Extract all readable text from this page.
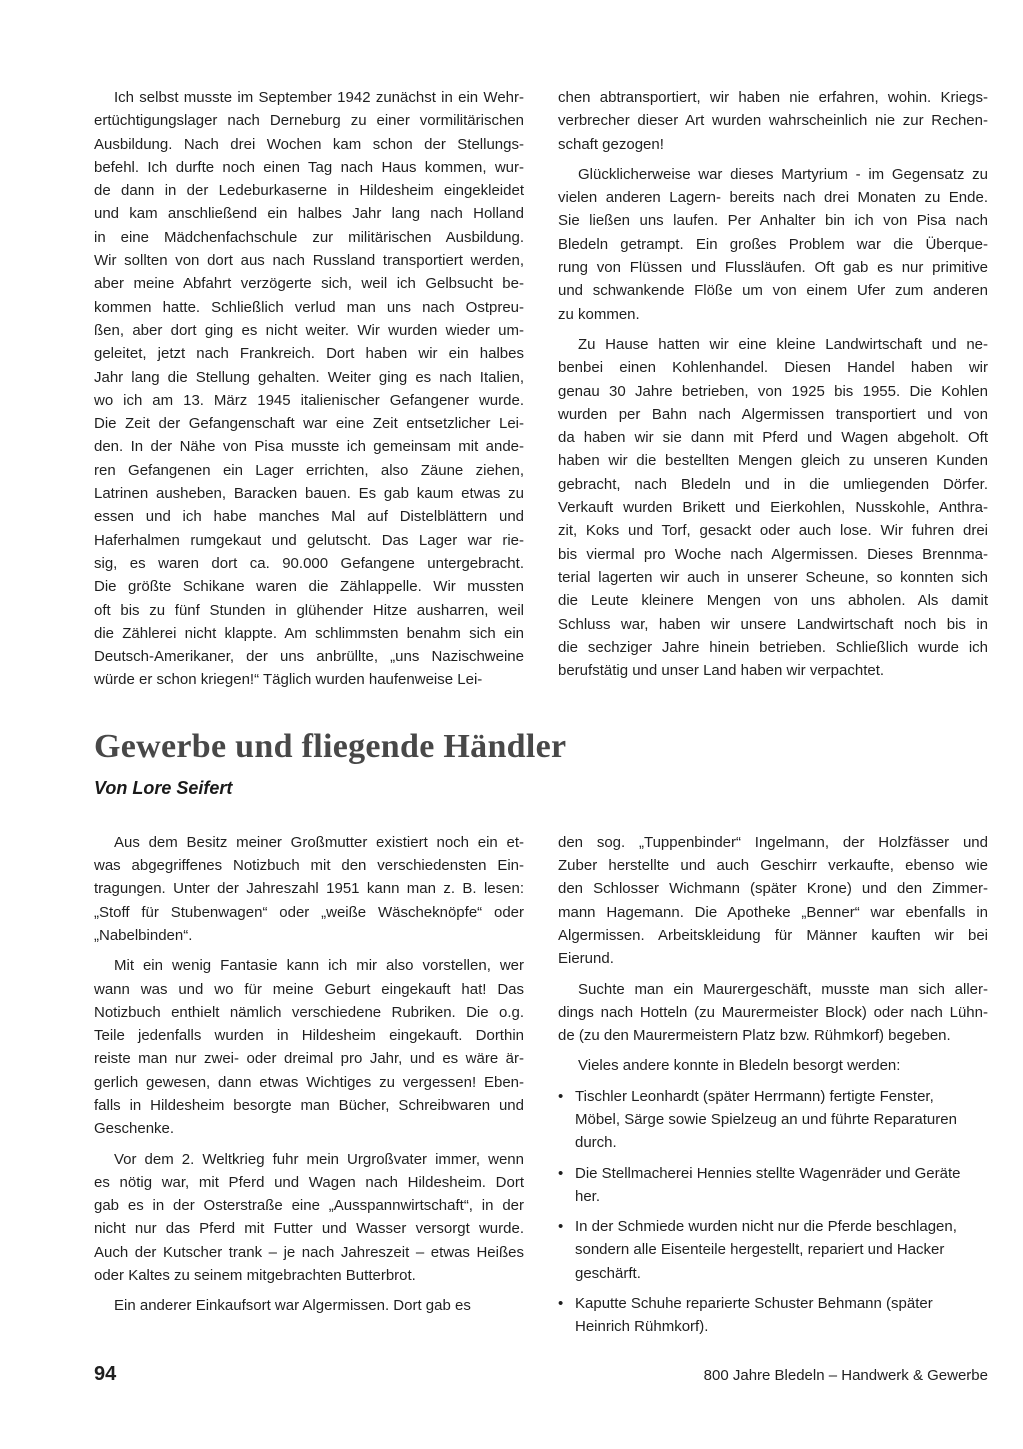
Ich selbst musste im September 1942 zunächst in ein Wehr-
ertüchtigungslager nach Derneburg zu einer vormilitärischen
Ausbildung. Nach drei Wochen kam schon der Stellungs-
befehl. Ich durfte noch einen Tag nach Haus kommen, wur-
de dann in der Ledeburkaserne in Hildesheim eingekleidet
und kam anschließend ein halbes Jahr lang nach Holland
in eine Mädchenfachschule zur militärischen Ausbildung.
Wir sollten von dort aus nach Russland transportiert werden,
aber meine Abfahrt verzögerte sich, weil ich Gelbsucht be-
kommen hatte. Schließlich verlud man uns nach Ostpreu-
ßen, aber dort ging es nicht weiter. Wir wurden wieder um-
geleitet, jetzt nach Frankreich. Dort haben wir ein halbes
Jahr lang die Stellung gehalten. Weiter ging es nach Italien,
wo ich am 13. März 1945 italienischer Gefangener wurde.
Die Zeit der Gefangenschaft war eine Zeit entsetzlicher Lei-
den. In der Nähe von Pisa musste ich gemeinsam mit ande-
ren Gefangenen ein Lager errichten, also Zäune ziehen,
Latrinen ausheben, Baracken bauen. Es gab kaum etwas zu
essen und ich habe manches Mal auf Distelblättern und
Haferhalmen rumgekaut und gelutscht. Das Lager war rie-
sig, es waren dort ca. 90.000 Gefangene untergebracht.
Die größte Schikane waren die Zählappelle. Wir mussten
oft bis zu fünf Stunden in glühender Hitze ausharren, weil
die Zählerei nicht klappte. Am schlimmsten benahm sich ein
Deutsch-Amerikaner, der uns anbrüllte, „uns Nazischweine
würde er schon kriegen!“ Täglich wurden haufenweise Lei-
chen abtransportiert, wir haben nie erfahren, wohin. Kriegs-
verbrecher dieser Art wurden wahrscheinlich nie zur Rechen-
schaft gezogen!
Glücklicherweise war dieses Martyrium - im Gegensatz zu
vielen anderen Lagern- bereits nach drei Monaten zu Ende.
Sie ließen uns laufen. Per Anhalter bin ich von Pisa nach
Bledeln getrampt. Ein großes Problem war die Überque-
rung von Flüssen und Flussläufen. Oft gab es nur primitive
und schwankende Flöße um von einem Ufer zum anderen
zu kommen.
Zu Hause hatten wir eine kleine Landwirtschaft und ne-
benbei einen Kohlenhandel. Diesen Handel haben wir
genau 30 Jahre betrieben, von 1925 bis 1955. Die Kohlen
wurden per Bahn nach Algermissen transportiert und von
da haben wir sie dann mit Pferd und Wagen abgeholt. Oft
haben wir die bestellten Mengen gleich zu unseren Kunden
gebracht, nach Bledeln und in die umliegenden Dörfer.
Verkauft wurden Brikett und Eierkohlen, Nusskohle, Anthra-
zit, Koks und Torf, gesackt oder auch lose. Wir fuhren drei
bis viermal pro Woche nach Algermissen. Dieses Brennma-
terial lagerten wir auch in unserer Scheune, so konnten sich
die Leute kleinere Mengen von uns abholen. Als damit
Schluss war, haben wir unsere Landwirtschaft noch bis in
die sechziger Jahre hinein betrieben. Schließlich wurde ich
berufstätig und unser Land haben wir verpachtet.
Gewerbe und fliegende Händler
Von Lore Seifert
Aus dem Besitz meiner Großmutter existiert noch ein et-
was abgegriffenes Notizbuch mit den verschiedensten Ein-
tragungen. Unter der Jahreszahl 1951 kann man z. B. lesen:
„Stoff für Stubenwagen“ oder „weiße Wäscheknöpfe“ oder
„Nabelbinden“.
Mit ein wenig Fantasie kann ich mir also vorstellen, wer
wann was und wo für meine Geburt eingekauft hat! Das
Notizbuch enthielt nämlich verschiedene Rubriken. Die o.g.
Teile jedenfalls wurden in Hildesheim eingekauft. Dorthin
reiste man nur zwei- oder dreimal pro Jahr, und es wäre är-
gerlich gewesen, dann etwas Wichtiges zu vergessen! Eben-
falls in Hildesheim besorgte man Bücher, Schreibwaren und
Geschenke.
Vor dem 2. Weltkrieg fuhr mein Urgroßvater immer, wenn
es nötig war, mit Pferd und Wagen nach Hildesheim. Dort
gab es in der Osterstraße eine „Ausspannwirtschaft“, in der
nicht nur das Pferd mit Futter und Wasser versorgt wurde.
Auch der Kutscher trank – je nach Jahreszeit – etwas Heißes
oder Kaltes zu seinem mitgebrachten Butterbrot.
Ein anderer Einkaufsort war Algermissen. Dort gab es
den sog. „Tuppenbinder“ Ingelmann, der Holzfässer und
Zuber herstellte und auch Geschirr verkaufte, ebenso wie
den Schlosser Wichmann (später Krone) und den Zimmer-
mann Hagemann. Die Apotheke „Benner“ war ebenfalls in
Algermissen. Arbeitskleidung für Männer kauften wir bei
Eierund.
Suchte man ein Maurergeschäft, musste man sich aller-
dings nach Hotteln (zu Maurermeister Block) oder nach Lühn-
de (zu den Maurermeistern Platz bzw. Rühmkorf) begeben.
Vieles andere konnte in Bledeln besorgt werden:
• Tischler Leonhardt (später Herrmann) fertigte Fenster,
Möbel, Särge sowie Spielzeug an und führte Reparaturen
durch.
• Die Stellmacherei Hennies stellte Wagenräder und Geräte
her.
• In der Schmiede wurden nicht nur die Pferde beschlagen,
sondern alle Eisenteile hergestellt, repariert und Hacker
geschärft.
• Kaputte Schuhe reparierte Schuster Behmann (später
Heinrich Rühmkorf).
94	800 Jahre Bledeln – Handwerk & Gewerbe
